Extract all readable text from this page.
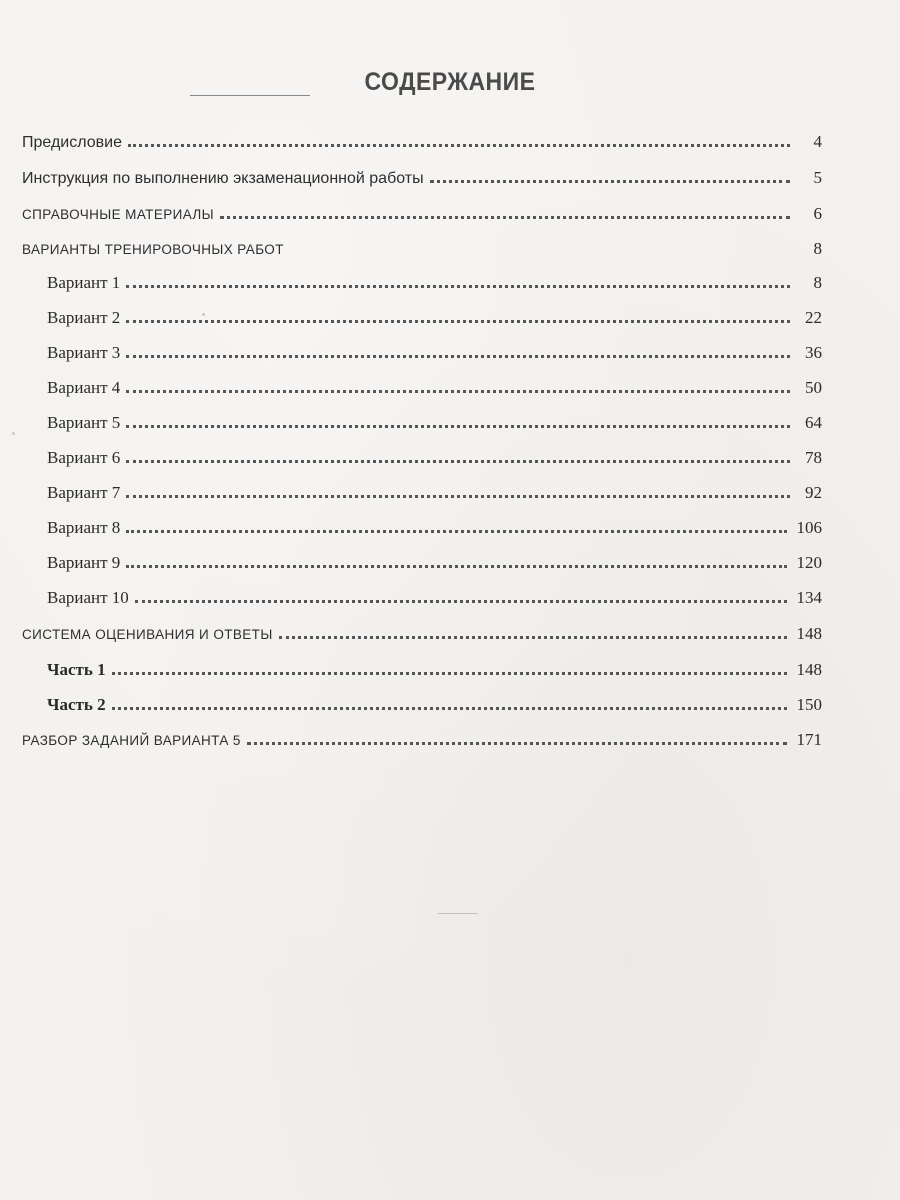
СОДЕРЖАНИЕ
Предисловие	4
Инструкция по выполнению экзаменационной работы	5
СПРАВОЧНЫЕ МАТЕРИАЛЫ	6
ВАРИАНТЫ ТРЕНИРОВОЧНЫХ РАБОТ	8
Вариант 1	8
Вариант 2	22
Вариант 3	36
Вариант 4	50
Вариант 5	64
Вариант 6	78
Вариант 7	92
Вариант 8	106
Вариант 9	120
Вариант 10	134
СИСТЕМА ОЦЕНИВАНИЯ И ОТВЕТЫ	148
Часть 1	148
Часть 2	150
РАЗБОР ЗАДАНИЙ ВАРИАНТА 5	171
